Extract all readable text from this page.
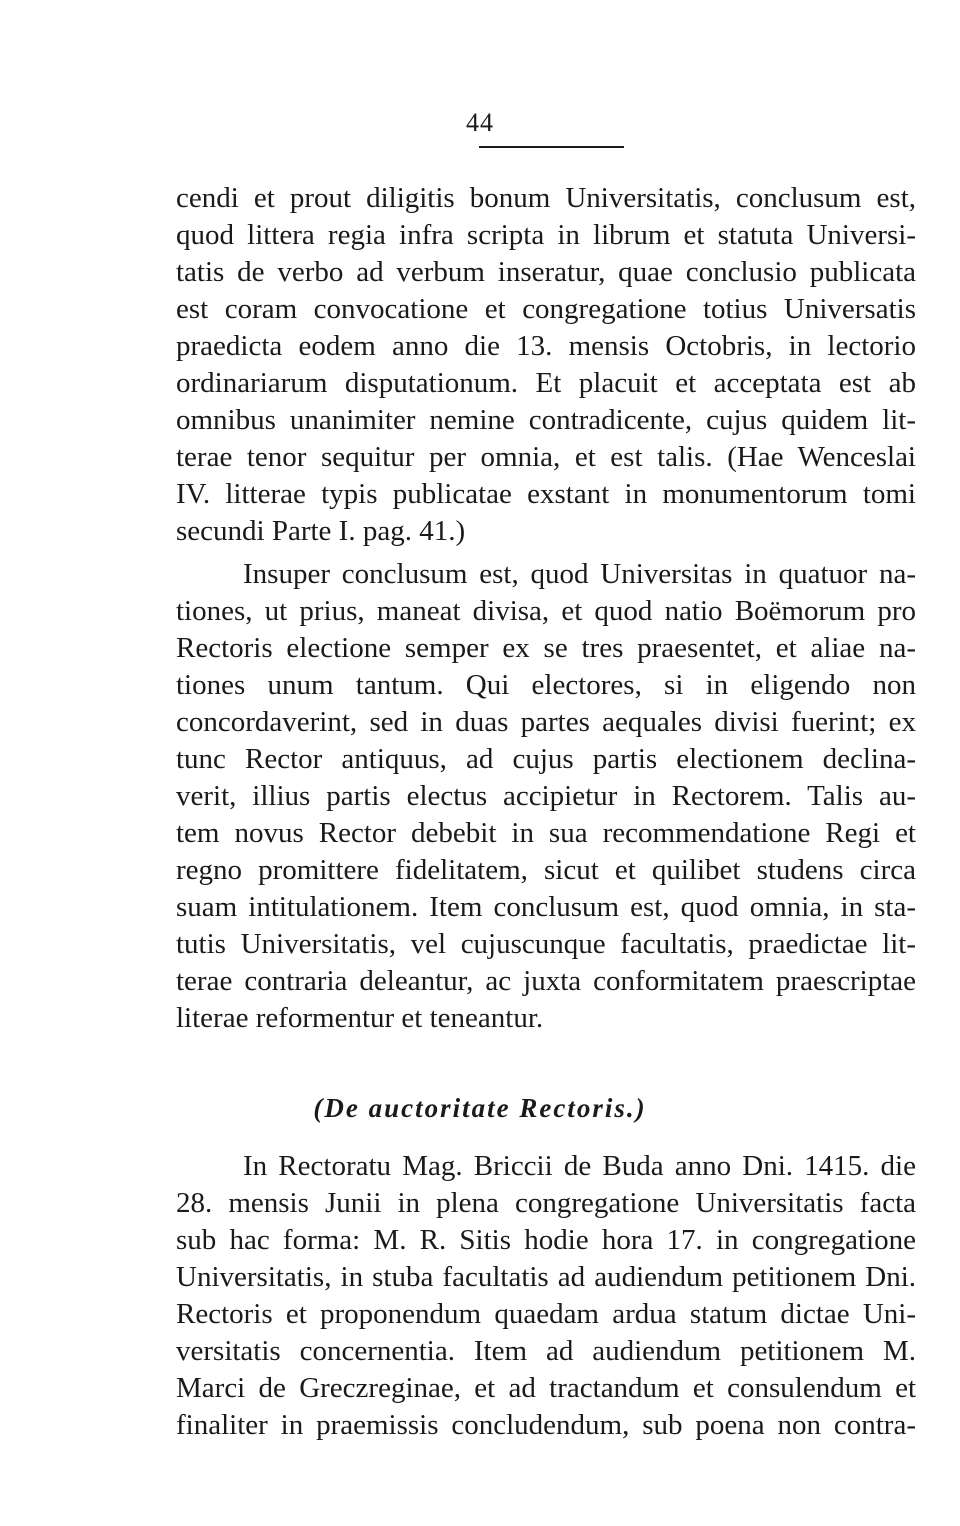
44
cendi et prout diligitis bonum Universitatis, conclusum est,
quod littera regia infra scripta in librum et statuta Universi-
tatis de verbo ad verbum inseratur, quae conclusio publicata
est coram convocatione et congregatione totius Universatis
praedicta eodem anno die 13. mensis Octobris, in lectorio
ordinariarum disputationum. Et placuit et acceptata est ab
omnibus unanimiter nemine contradicente, cujus quidem lit-
terae tenor sequitur per omnia, et est talis. (Hae Wenceslai
IV. litterae typis publicatae exstant in monumentorum tomi
secundi Parte I. pag. 41.)
Insuper conclusum est, quod Universitas in quatuor na-
tiones, ut prius, maneat divisa, et quod natio Boëmorum pro
Rectoris electione semper ex se tres praesentet, et aliae na-
tiones unum tantum. Qui electores, si in eligendo non
concordaverint, sed in duas partes aequales divisi fuerint; ex
tunc Rector antiquus, ad cujus partis electionem declina-
verit, illius partis electus accipietur in Rectorem. Talis au-
tem novus Rector debebit in sua recommendatione Regi et
regno promittere fidelitatem, sicut et quilibet studens circa
suam intitulationem. Item conclusum est, quod omnia, in sta-
tutis Universitatis, vel cujuscunque facultatis, praedictae lit-
terae contraria deleantur, ac juxta conformitatem praescriptae
literae reformentur et teneantur.
(De auctoritate Rectoris.)
In Rectoratu Mag. Briccii de Buda anno Dni. 1415. die
28. mensis Junii in plena congregatione Universitatis facta
sub hac forma: M. R. Sitis hodie hora 17. in congregatione
Universitatis, in stuba facultatis ad audiendum petitionem Dni.
Rectoris et proponendum quaedam ardua statum dictae Uni-
versitatis concernentia. Item ad audiendum petitionem M.
Marci de Greczreginae, et ad tractandum et consulendum et
finaliter in praemissis concludendum, sub poena non contra-
